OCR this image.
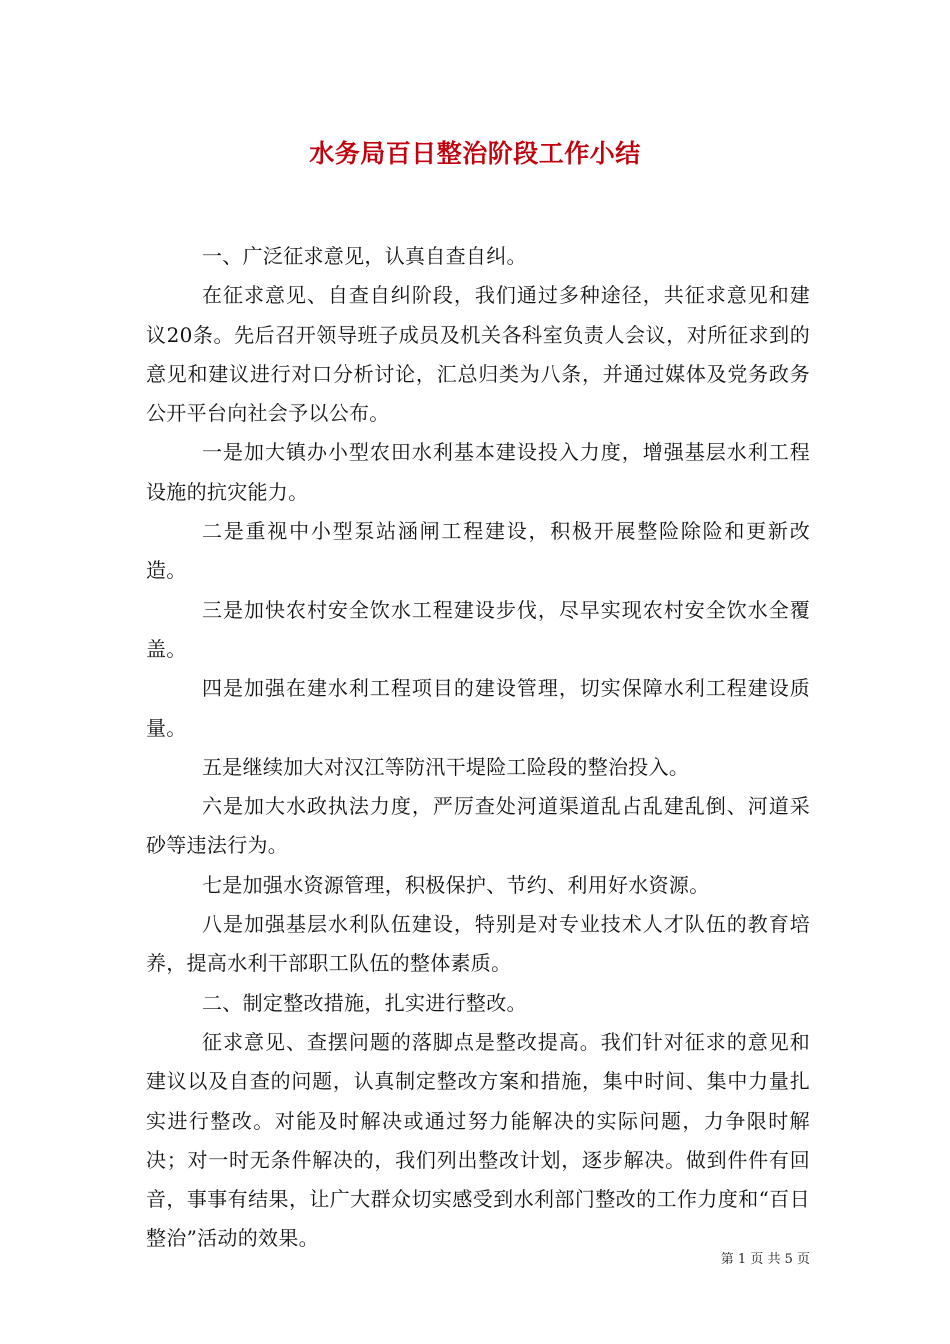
水务局百日整治阶段工作小结

一、广泛征求意见，认真自查自纠。

在征求意见、自查自纠阶段，我们通过多种途径，共征求意见和建议20条。先后召开领导班子成员及机关各科室负责人会议，对所征求到的意见和建议进行对口分析讨论，汇总归类为八条，并通过媒体及党务政务公开平台向社会予以公布。

一是加大镇办小型农田水利基本建设投入力度，增强基层水利工程设施的抗灾能力。

二是重视中小型泵站涵闸工程建设，积极开展整险除险和更新改造。

三是加快农村安全饮水工程建设步伐，尽早实现农村安全饮水全覆盖。

四是加强在建水利工程项目的建设管理，切实保障水利工程建设质量。

五是继续加大对汉江等防汛干堤险工险段的整治投入。

六是加大水政执法力度，严厉查处河道渠道乱占乱建乱倒、河道采砂等违法行为。

七是加强水资源管理，积极保护、节约、利用好水资源。

八是加强基层水利队伍建设，特别是对专业技术人才队伍的教育培养，提高水利干部职工队伍的整体素质。

二、制定整改措施，扎实进行整改。

征求意见、查摆问题的落脚点是整改提高。我们针对征求的意见和建议以及自查的问题，认真制定整改方案和措施，集中时间、集中力量扎实进行整改。对能及时解决或通过努力能解决的实际问题，力争限时解决；对一时无条件解决的，我们列出整改计划，逐步解决。做到件件有回音，事事有结果，让广大群众切实感受到水利部门整改的工作力度和“百日整治”活动的效果。

第 1 页 共 5 页
